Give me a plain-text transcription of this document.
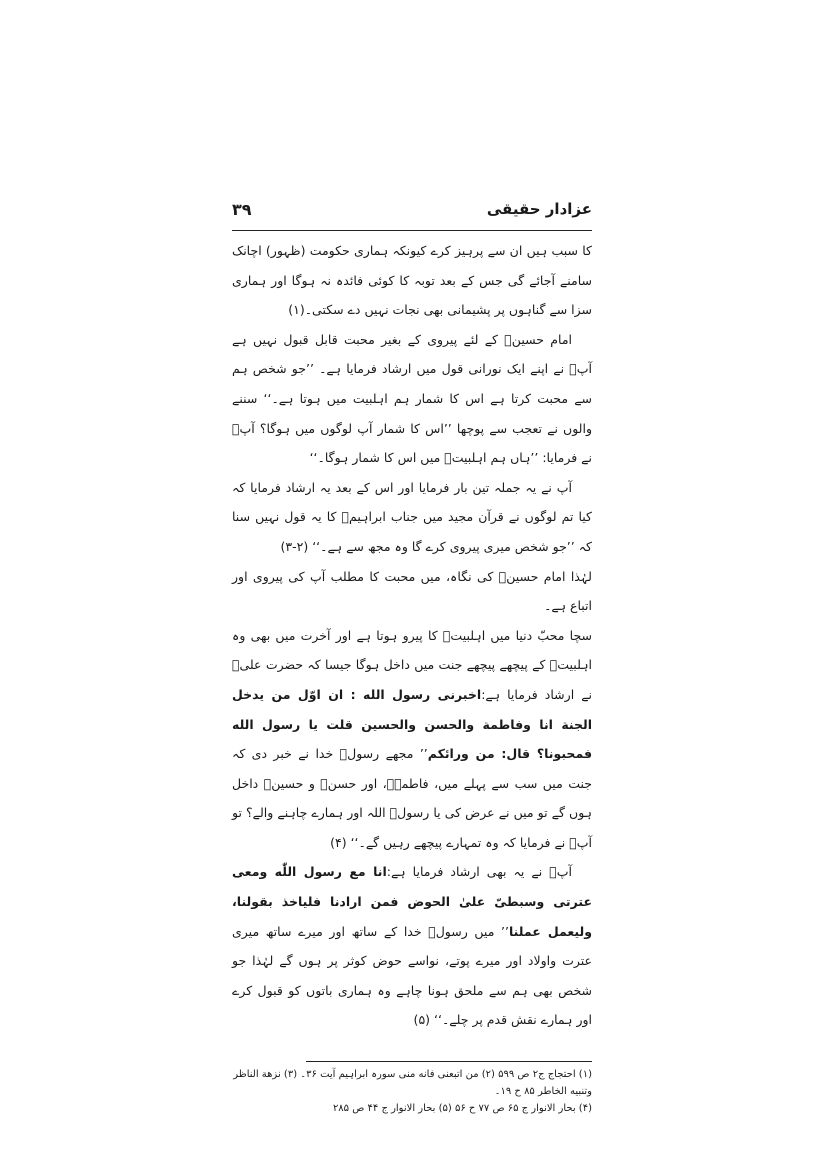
عزادار حقیقی
۳۹

کا سبب ہیں ان سے پرہیز کرے کیونکہ ہماری حکومت (ظہور) اچانک سامنے آجائے گی جس کے بعد توبہ کا کوئی فائدہ نہ ہوگا اور ہماری سزا سے گناہوں پر پشیمانی بھی نجات نہیں دے سکتی۔(۱)

امام حسینؑ کے لئے پیروی کے بغیر محبت قابل قبول نہیں ہے آپؑ نے اپنے ایک نورانی قول میں ارشاد فرمایا ہے۔ ’’جو شخص ہم سے محبت کرتا ہے اس کا شمار ہم اہلبیت میں ہوتا ہے۔‘‘ سننے والوں نے تعجب سے پوچھا ’’اس کا شمار آپ لوگوں میں ہوگا؟ آپؑ نے فرمایا: ’’ہاں ہم اہلبیتؑ میں اس کا شمار ہوگا۔‘‘

آپ نے یہ جملہ تین بار فرمایا اور اس کے بعد یہ ارشاد فرمایا کہ کیا تم لوگوں نے قرآن مجید میں جناب ابراہیمؑ کا یہ قول نہیں سنا کہ ’’جو شخص میری پیروی کرے گا وہ مجھ سے ہے۔‘‘ (۲-۳)

لہٰذا امام حسینؑ کی نگاہ، میں محبت کا مطلب آپ کی پیروی اور اتباع ہے۔

سچا محبّ دنیا میں اہلبیتؑ کا پیرو ہوتا ہے اور آخرت میں بھی وہ اہلبیتؑ کے پیچھے پیچھے جنت میں داخل ہوگا جیسا کہ حضرت علیؑ نے ارشاد فرمایا ہے:اخبرنی رسول الله : ان اوّل من یدخل الجنة انا وفاطمة والحسن والحسین قلت یا رسول الله فمحبونا؟ قال: من ورائکم’’ مجھے رسولؐ خدا نے خبر دی کہ جنت میں سب سے پہلے میں، فاطمہؑ، اور حسنؑ و حسینؑ داخل ہوں گے تو میں نے عرض کی یا رسولؐ اللہ اور ہمارے چاہنے والے؟ تو آپؐ نے فرمایا کہ وہ تمہارے پیچھے رہیں گے۔‘‘ (۴)

آپؑ نے یہ بھی ارشاد فرمایا ہے:انا مع رسول اللّٰه ومعی عترتی وسبطیّ علیٰ الحوض فمن ارادنا فلیاخذ بقولنا، ولیعمل عملنا’’ میں رسولؐ خدا کے ساتھ اور میرے ساتھ میری عترت واولاد اور میرے پوتے، نواسے حوض کوثر پر ہوں گے لہٰذا جو شخص بھی ہم سے ملحق ہونا چاہے وہ ہماری باتوں کو قبول کرے اور ہمارے نقش قدم پر چلے۔‘‘ (۵)

(۱) احتجاج ج۲ ص ۵۹۹ (۲) من اتبعنی فانه منی سورہ ابراہیم آیت ۳۶۔ (۳) نزهة الناظر وتنبیه الخاطر ۸۵ ح ۱۹۔

(۴) بحار الانوار ج ۶۵ ص ۷۷ ح ۵۶ (۵) بحار الانوار ج ۴۴ ص ۲۸۵
